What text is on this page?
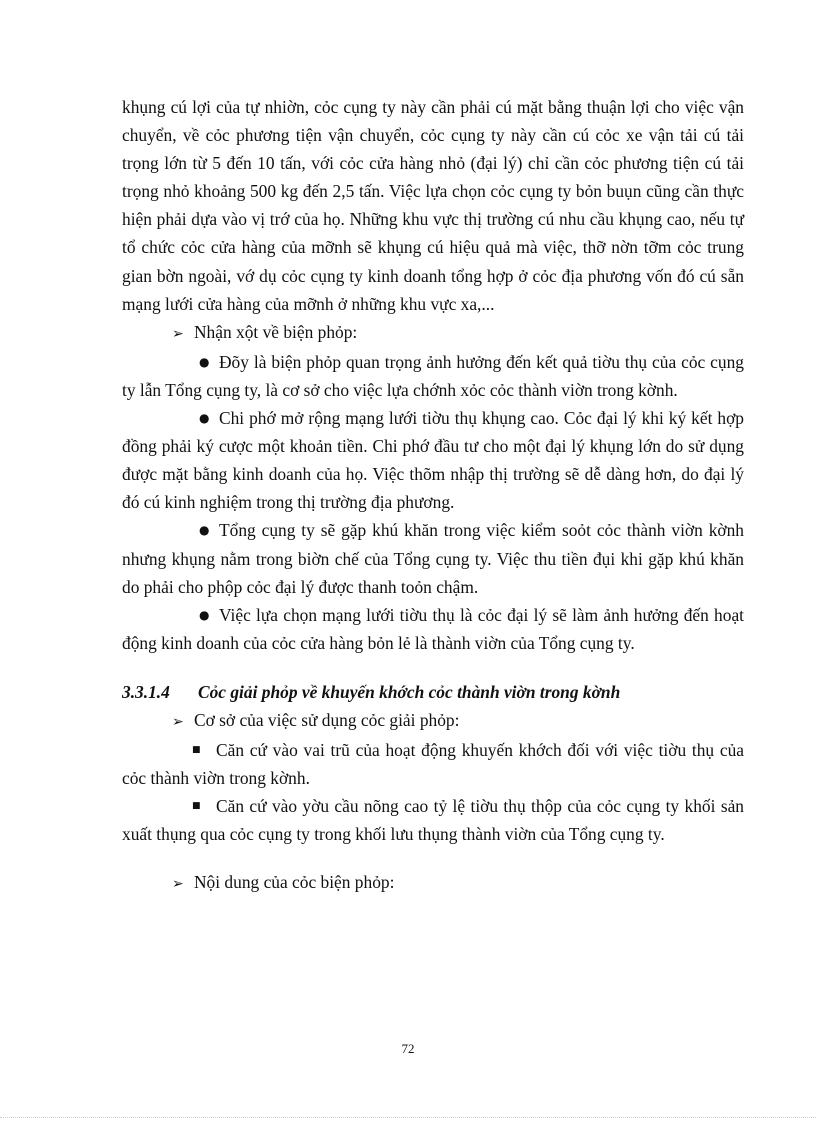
khụng cú lợi của tự nhiờn, cỏc cụng ty này cần phải cú mặt bằng thuận lợi cho việc vận chuyển, về cỏc phương tiện vận chuyển, cỏc cụng ty này cần cú cỏc xe vận tải cú tải trọng lớn từ 5 đến 10 tấn, với cỏc cửa hàng nhỏ (đại lý) chỉ cần cỏc phương tiện cú tải trọng nhỏ khoảng 500 kg đến 2,5 tấn. Việc lựa chọn cỏc cụng ty bỏn buụn cũng cần thực hiện phải dựa vào vị trớ của họ. Những khu vực thị trường cú nhu cầu khụng cao, nếu tự tổ chức cỏc cửa hàng của mỡnh sẽ khụng cú hiệu quả mà việc, thỡ nờn tỡm cỏc trung gian bờn ngoài, vớ dụ cỏc cụng ty kinh doanh tổng hợp ở cỏc địa phương vốn đó cú sẵn mạng lưới cửa hàng của mỡnh ở những khu vực xa,...

➢ Nhận xột về biện phỏp:

● Đõy là biện phỏp quan trọng ảnh hưởng đến kết quả tiờu thụ của cỏc cụng ty lẫn Tổng cụng ty, là cơ sở cho việc lựa chớnh xỏc cỏc thành viờn trong kờnh.

● Chi phớ mở rộng mạng lưới tiờu thụ khụng cao. Cỏc đại lý khi ký kết hợp đồng phải ký cược một khoản tiền. Chi phớ đầu tư cho một đại lý khụng lớn do sử dụng được mặt bằng kinh doanh của họ. Việc thõm nhập thị trường sẽ dễ dàng hơn, do đại lý đó cú kinh nghiệm trong thị trường địa phương.

● Tổng cụng ty sẽ gặp khú khăn trong việc kiểm soỏt cỏc thành viờn kờnh nhưng khụng nằm trong biờn chế của Tổng cụng ty. Việc thu tiền đụi khi gặp khú khăn do phải cho phộp cỏc đại lý được thanh toỏn chậm.

● Việc lựa chọn mạng lưới tiờu thụ là cỏc đại lý sẽ làm ảnh hưởng đến hoạt động kinh doanh của cỏc cửa hàng bỏn lẻ là thành viờn của Tổng cụng ty.

3.3.1.4 Cỏc giải phỏp về khuyến khớch cỏc thành viờn trong kờnh

➢ Cơ sở của việc sử dụng cỏc giải phỏp:

■ Căn cứ vào vai trũ của hoạt động khuyến khớch đối với việc tiờu thụ của cỏc thành viờn trong kờnh.

■ Căn cứ vào yờu cầu nõng cao tỷ lệ tiờu thụ thộp của cỏc cụng ty khối sản xuất thụng qua cỏc cụng ty trong khối lưu thụng thành viờn của Tổng cụng ty.

➢ Nội dung của cỏc biện phỏp:

72
